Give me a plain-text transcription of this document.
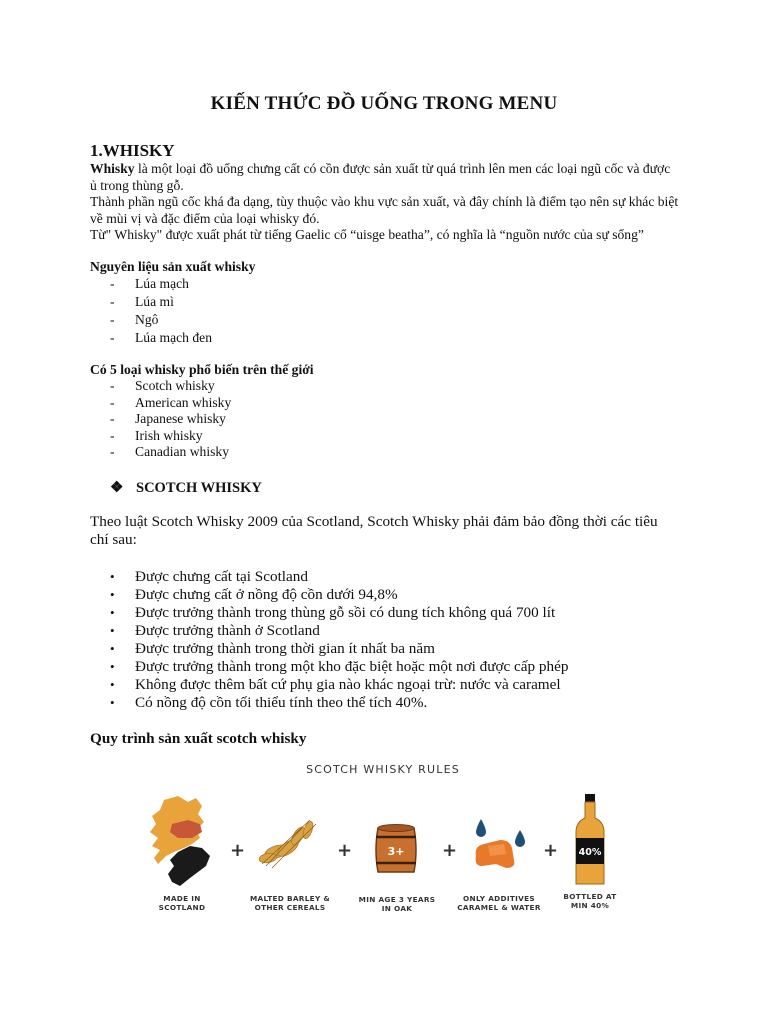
KIẾN THỨC ĐỒ UỐNG TRONG MENU
1.WHISKY
Whisky là một loại đồ uống chưng cất có cồn được sản xuất từ quá trình lên men các loại ngũ cốc và được ủ trong thùng gỗ.
Thành phần ngũ cốc khá đa dạng, tùy thuộc vào khu vực sản xuất, và đây chính là điểm tạo nên sự khác biệt về mùi vị và đặc điểm của loại whisky đó.
Từ" Whisky" được xuất phát từ tiếng Gaelic cổ “uisge beatha”, có nghĩa là “nguồn nước của sự sống”
Nguyên liệu sản xuất whisky
- Lúa mạch
- Lúa mì
- Ngô
- Lúa mạch đen
Có 5 loại whisky phổ biến trên thế giới
- Scotch whisky
- American whisky
- Japanese whisky
- Irish whisky
- Canadian whisky
❖ SCOTCH WHISKY
Theo luật Scotch Whisky 2009 của Scotland, Scotch Whisky phải đảm bảo đồng thời các tiêu chí sau:
• Được chưng cất tại Scotland
• Được chưng cất ở nồng độ cồn dưới 94,8%
• Được trưởng thành trong thùng gỗ sồi có dung tích không quá 700 lít
• Được trưởng thành ở Scotland
• Được trưởng thành trong thời gian ít nhất ba năm
• Được trưởng thành trong một kho đặc biệt hoặc một nơi được cấp phép
• Không được thêm bất cứ phụ gia nào khác ngoại trừ: nước và caramel
• Có nồng độ cồn tối thiểu tính theo thể tích 40%.
Quy trình sản xuất scotch whisky
SCOTCH WHISKY RULES
+	+	3+ +	+ 40%
MADE IN
SCOTLAND
MALTED BARLEY &
OTHER CEREALS
MIN AGE 3 YEARS
IN OAK
ONLY ADDITIVES
CARAMEL & WATER
BOTTLED AT
MIN 40%
